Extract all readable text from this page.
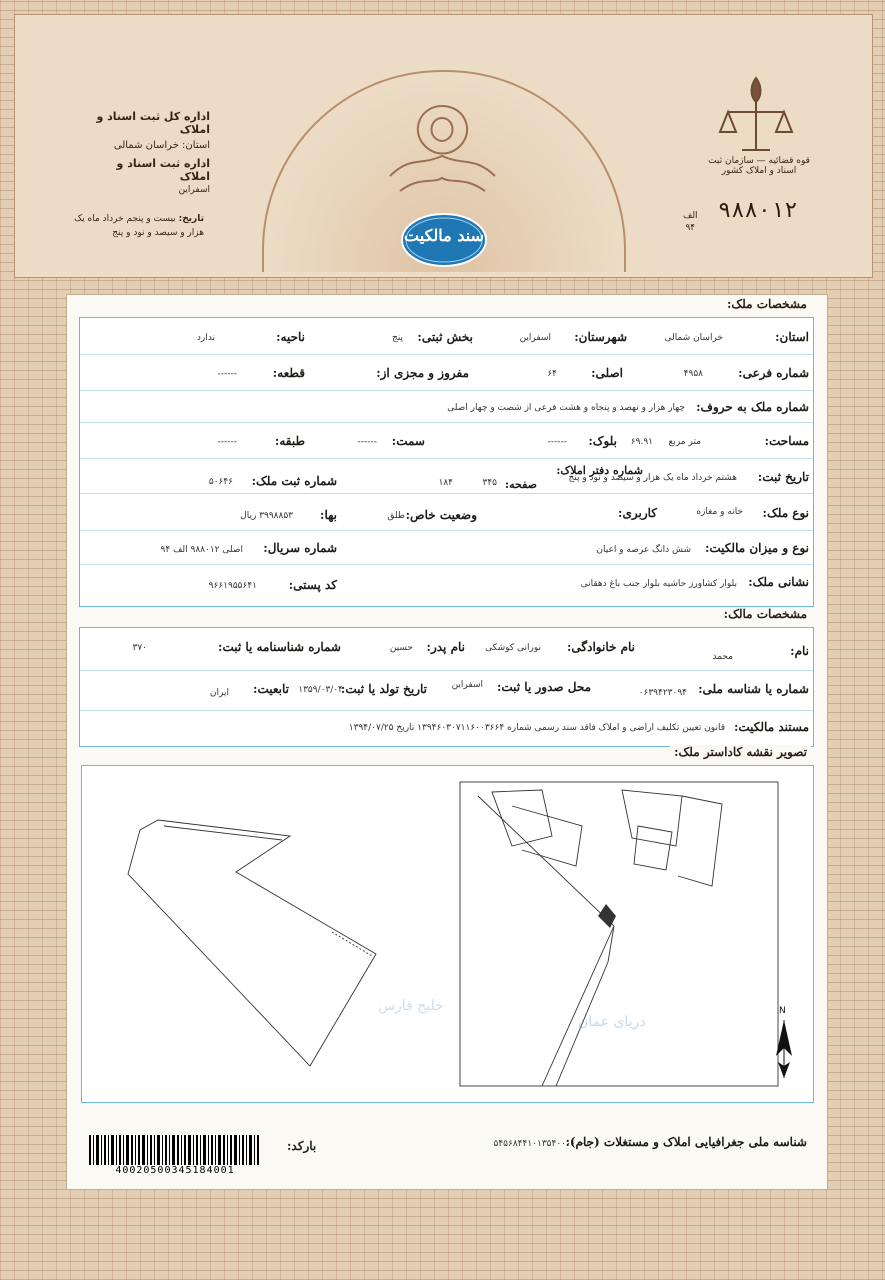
اداره کل ثبت اسناد و املاک
استان: خراسان شمالی
اداره ثبت اسناد و املاک
اسفراین
تاریخ: بیست و پنجم خرداد ماه یک هزار و سیصد و نود و پنج
قوه قضائیه — سازمان ثبت اسناد و املاک کشور
۹۸۸۰۱۲
الف
۹۴
سند مالکیت
مشخصات ملک:
استان:
خراسان شمالی
شهرستان:
اسفراین
بخش ثبتی:
پنج
ناحیه:
ندارد
شماره فرعی:
۴۹۵۸
اصلی:
۶۴
مفروز و مجزی از:
قطعه:
------
شماره ملک به حروف:
چهار هزار و نهصد و پنجاه و هشت فرعی از شصت و چهار اصلی
مساحت:
۶۹.۹۱ متر مربع
بلوک:
------
سمت:
------
طبقه:
------
تاریخ ثبت:
هشتم خرداد ماه یک هزار و سیصد و نود و پنج
شماره دفتر املاک:
۱۸۴	صفحه:
۳۴۵
شماره ثبت ملک:
۵۰۶۴۶
نوع ملک:
خانه و مغازه
کاربری:
وضعیت خاص:
طلق
بها:
۳۹۹۸۸۵۳ ریال
نوع و میزان مالکیت:
شش دانگ عرصه و اعیان
شماره سریال:
اصلی ۹۸۸۰۱۲ الف ۹۴
نشانی ملک:
بلوار کشاورز حاشیه بلوار جنب باغ دهقانی
کد پستی:
۹۶۶۱۹۵۵۶۴۱
مشخصات مالک:
نام:
محمد
نام خانوادگی:
نورانی کوشکی
نام پدر:
حسین
شماره شناسنامه یا ثبت:
۳۷۰
شماره یا شناسه ملی:
۰۶۳۹۴۲۳۰۹۴
محل صدور یا ثبت:
اسفراین
تاریخ تولد یا ثبت:
۱۳۵۹/۰۳/۰۴
تابعیت:
ایران
مستند مالکیت:
قانون تعیین تکلیف اراضی و املاک فاقد سند رسمی شماره ۱۳۹۴۶۰۳۰۷۱۱۶۰۰۳۶۶۴ تاریخ ۱۳۹۴/۰۷/۲۵
تصویر نقشه کاداستر ملک:
دریای عمان
خلیج فارس	N
شناسه ملی جغرافیایی املاک و مستغلات (جام):
۵۴۵۶۸۴۴۱۰۱۳۵۴۰۰۰۰۰۰۰۰
بارکد:
4002050034518400​1
